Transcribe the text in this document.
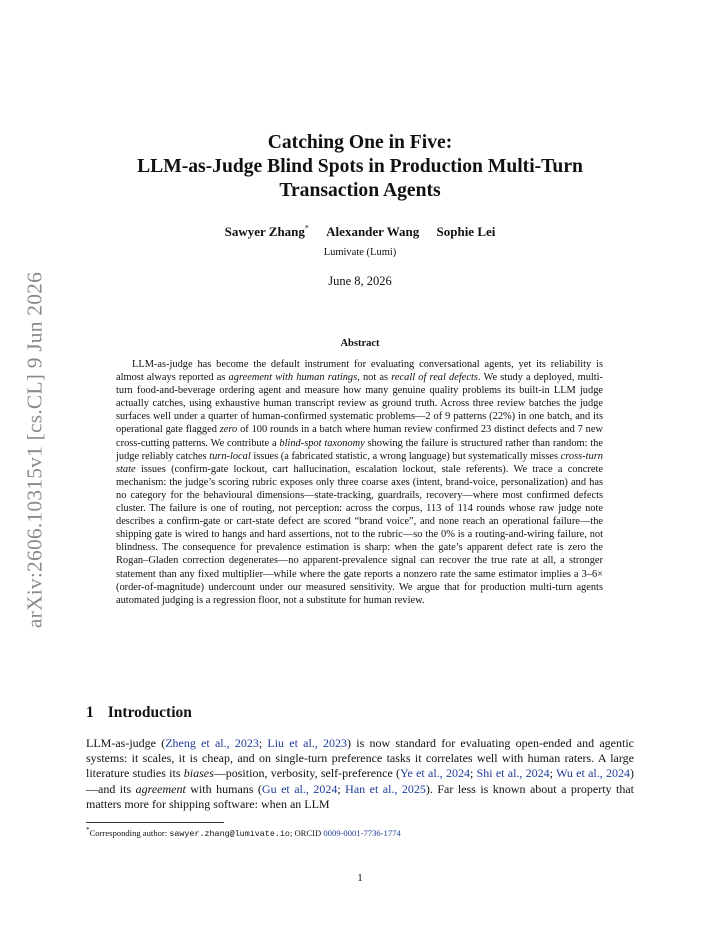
arXiv:2606.10315v1 [cs.CL] 9 Jun 2026
Catching One in Five:
LLM-as-Judge Blind Spots in Production Multi-Turn
Transaction Agents
Sawyer Zhang* Alexander Wang Sophie Lei
Lumivate (Lumi)
June 8, 2026
Abstract
LLM-as-judge has become the default instrument for evaluating conversational agents, yet its reliability is almost always reported as agreement with human ratings, not as recall of real defects. We study a deployed, multi-turn food-and-beverage ordering agent and measure how many genuine quality problems its built-in LLM judge actually catches, using exhaustive human transcript review as ground truth. Across three review batches the judge surfaces well under a quarter of human-confirmed systematic problems—2 of 9 patterns (22%) in one batch, and its operational gate flagged zero of 100 rounds in a batch where human review confirmed 23 distinct defects and 7 new cross-cutting patterns. We contribute a blind-spot taxonomy showing the failure is structured rather than random: the judge reliably catches turn-local issues (a fabricated statistic, a wrong language) but systematically misses cross-turn state issues (confirm-gate lockout, cart hallucination, escalation lockout, stale referents). We trace a concrete mechanism: the judge’s scoring rubric exposes only three coarse axes (intent, brand-voice, personalization) and has no category for the behavioural dimensions—state-tracking, guardrails, recovery—where most confirmed defects cluster. The failure is one of routing, not perception: across the corpus, 113 of 114 rounds whose raw judge note describes a confirm-gate or cart-state defect are scored “brand voice”, and none reach an operational failure—the shipping gate is wired to hangs and hard assertions, not to the rubric—so the 0% is a routing-and-wiring failure, not blindness. The consequence for prevalence estimation is sharp: when the gate’s apparent defect rate is zero the Rogan–Gladen correction degenerates—no apparent-prevalence signal can recover the true rate at all, a stronger statement than any fixed multiplier—while where the gate reports a nonzero rate the same estimator implies a 3–6× (order-of-magnitude) undercount under our measured sensitivity. We argue that for production multi-turn agents automated judging is a regression floor, not a substitute for human review.
1 Introduction
LLM-as-judge (Zheng et al., 2023; Liu et al., 2023) is now standard for evaluating open-ended and agentic systems: it scales, it is cheap, and on single-turn preference tasks it correlates well with human raters. A large literature studies its biases—position, verbosity, self-preference (Ye et al., 2024; Shi et al., 2024; Wu et al., 2024)—and its agreement with humans (Gu et al., 2024; Han et al., 2025). Far less is known about a property that matters more for shipping software: when an LLM
*Corresponding author: sawyer.zhang@lumivate.io; ORCID 0009-0001-7736-1774
1
